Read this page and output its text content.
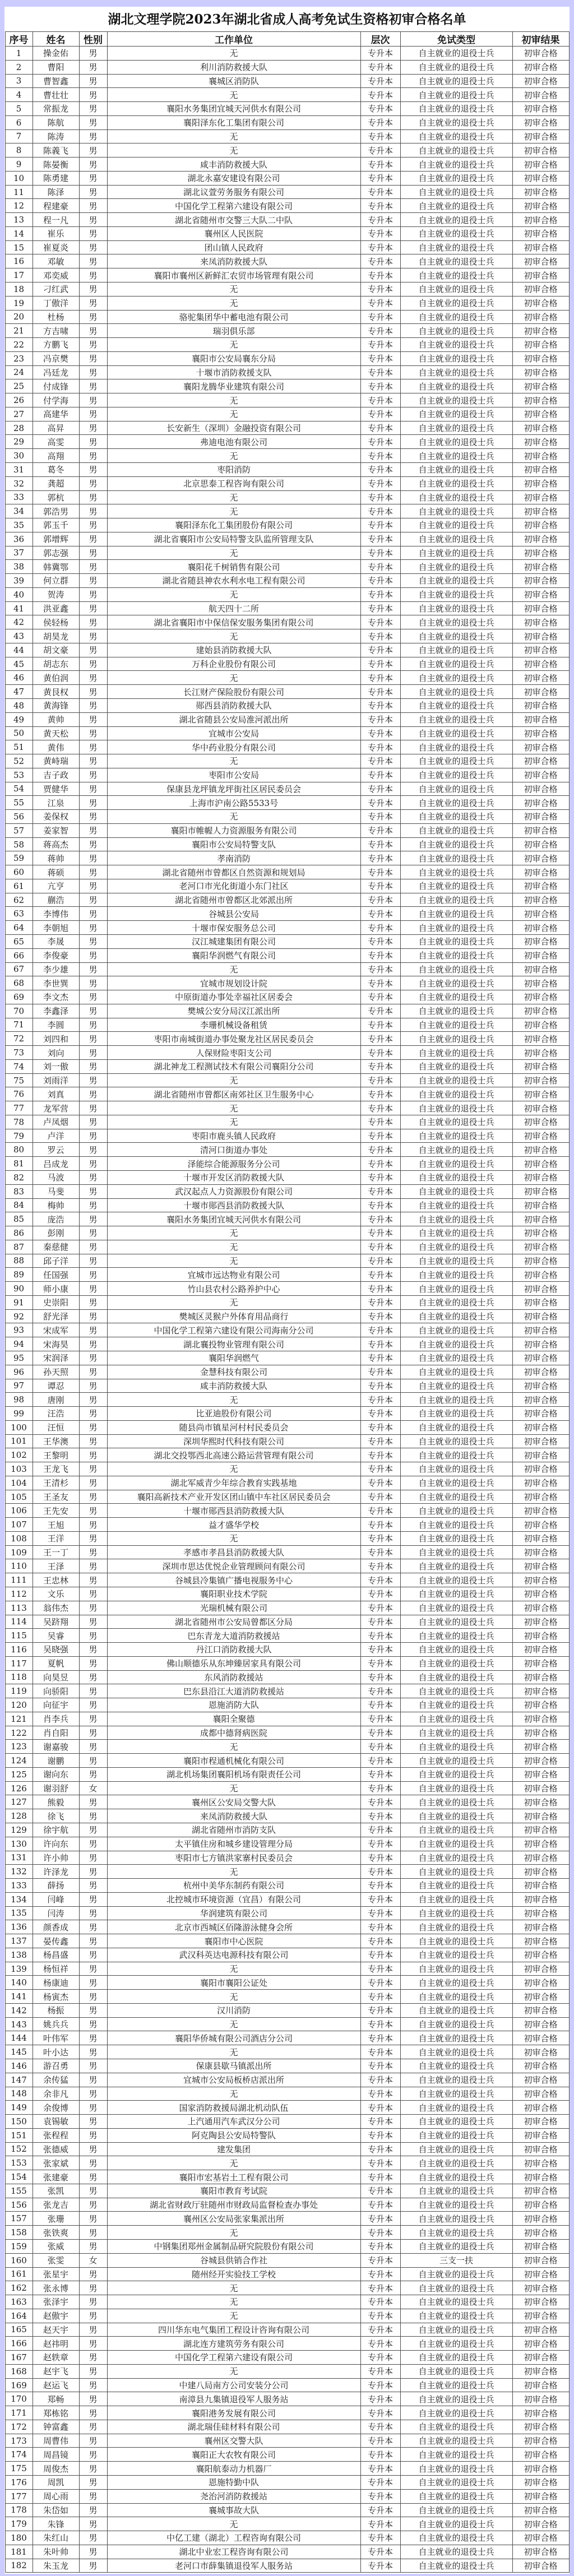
湖北文理学院2023年湖北省成人高考免试生资格初审合格名单
序号	姓名	性别	工作单位	层次	免试类型	初审结果
1	操金佑	男	无	专升本	自主就业的退役士兵	初审合格
2	曹阳	男	利川消防救援大队	专升本	自主就业的退役士兵	初审合格
3	曹智鑫	男	襄城区消防队	专升本	自主就业的退役士兵	初审合格
4	曹壮壮	男	无	专升本	自主就业的退役士兵	初审合格
5	常振龙	男	襄阳水务集团宜城天河供水有限公司	专升本	自主就业的退役士兵	初审合格
6	陈航	男	襄阳泽东化工集团有限公司	专升本	自主就业的退役士兵	初审合格
7	陈涛	男	无	专升本	自主就业的退役士兵	初审合格
8	陈義飞	男	无	专升本	自主就业的退役士兵	初审合格
9	陈晏衡	男	咸丰消防救援大队	专升本	自主就业的退役士兵	初审合格
10	陈勇建	男	湖北永嘉安建设有限公司	专升本	自主就业的退役士兵	初审合格
11	陈泽	男	湖北议萱劳务服务有限公司	专升本	自主就业的退役士兵	初审合格
12	程建豪	男	中国化学工程第六建设有限公司	专升本	自主就业的退役士兵	初审合格
13	程一凡	男	湖北省随州市交警三大队二中队	专升本	自主就业的退役士兵	初审合格
14	崔乐	男	襄州区人民医院	专升本	自主就业的退役士兵	初审合格
15	崔夏炎	男	团山镇人民政府	专升本	自主就业的退役士兵	初审合格
16	邓敏	男	来凤消防救援大队	专升本	自主就业的退役士兵	初审合格
17	邓奕威	男	襄阳市襄州区新鲜汇农贸市场管理有限公司	专升本	自主就业的退役士兵	初审合格
18	刁红武	男	无	专升本	自主就业的退役士兵	初审合格
19	丁傲洋	男	无	专升本	自主就业的退役士兵	初审合格
20	杜杨	男	骆驼集团华中蓄电池有限公司	专升本	自主就业的退役士兵	初审合格
21	方吉啸	男	瑞羽俱乐部	专升本	自主就业的退役士兵	初审合格
22	方鹏飞	男	无	专升本	自主就业的退役士兵	初审合格
23	冯京樊	男	襄阳市公安局襄东分局	专升本	自主就业的退役士兵	初审合格
24	冯廷龙	男	十堰市消防救援支队	专升本	自主就业的退役士兵	初审合格
25	付成锋	男	襄阳龙腾华业建筑有限公司	专升本	自主就业的退役士兵	初审合格
26	付学海	男	无	专升本	自主就业的退役士兵	初审合格
27	高建华	男	无	专升本	自主就业的退役士兵	初审合格
28	高昇	男	长安新生（深圳）金融投资有限公司	专升本	自主就业的退役士兵	初审合格
29	高雯	男	弗迪电池有限公司	专升本	自主就业的退役士兵	初审合格
30	高翔	男	无	专升本	自主就业的退役士兵	初审合格
31	葛冬	男	枣阳消防	专升本	自主就业的退役士兵	初审合格
32	龚超	男	北京思泰工程咨询有限公司	专升本	自主就业的退役士兵	初审合格
33	郭杭	男	无	专升本	自主就业的退役士兵	初审合格
34	郭浩男	男	无	专升本	自主就业的退役士兵	初审合格
35	郭玉千	男	襄阳泽东化工集团股份有限公司	专升本	自主就业的退役士兵	初审合格
36	郭增辉	男	湖北省襄阳市公安局特警支队监所管理支队	专升本	自主就业的退役士兵	初审合格
37	郭志强	男	无	专升本	自主就业的退役士兵	初审合格
38	韩冀鄂	男	襄阳花千树销售有限公司	专升本	自主就业的退役士兵	初审合格
39	何立群	男	湖北省随县神农水利水电工程有限公司	专升本	自主就业的退役士兵	初审合格
40	贺涛	男	无	专升本	自主就业的退役士兵	初审合格
41	洪亚鑫	男	航天四十二所	专升本	自主就业的退役士兵	初审合格
42	侯轻杨	男	湖北省襄阳市中保信保安服务集团有限公司	专升本	自主就业的退役士兵	初审合格
43	胡昊龙	男	无	专升本	自主就业的退役士兵	初审合格
44	胡文豪	男	建始县消防救援大队	专升本	自主就业的退役士兵	初审合格
45	胡志东	男	万科企业股份有限公司	专升本	自主就业的退役士兵	初审合格
46	黄伯润	男	无	专升本	自主就业的退役士兵	初审合格
47	黄艮权	男	长江财产保险股份有限公司	专升本	自主就业的退役士兵	初审合格
48	黄海锋	男	郧西县消防救援大队	专升本	自主就业的退役士兵	初审合格
49	黄帅	男	湖北省随县公安局淮河派出所	专升本	自主就业的退役士兵	初审合格
50	黄天松	男	宜城市公安局	专升本	自主就业的退役士兵	初审合格
51	黄伟	男	华中药业股分有限公司	专升本	自主就业的退役士兵	初审合格
52	黄峙瑞	男	无	专升本	自主就业的退役士兵	初审合格
53	吉子政	男	枣阳市公安局	专升本	自主就业的退役士兵	初审合格
54	贾健华	男	保康县龙坪镇龙坪街社区居民委员会	专升本	自主就业的退役士兵	初审合格
55	江泉	男	上海市沪南公路5533号	专升本	自主就业的退役士兵	初审合格
56	姜保权	男	无	专升本	自主就业的退役士兵	初审合格
57	姜家智	男	襄阳市帷幄人力资源服务有限公司	专升本	自主就业的退役士兵	初审合格
58	蒋高杰	男	襄阳市公安局特警支队	专升本	自主就业的退役士兵	初审合格
59	蒋帅	男	孝南消防	专升本	自主就业的退役士兵	初审合格
60	蒋硕	男	湖北省随州市曾都区自然资源和规划局	专升本	自主就业的退役士兵	初审合格
61	亢亨	男	老河口市光化街道小东门社区	专升本	自主就业的退役士兵	初审合格
62	蒯浩	男	湖北省随州市曾都区北郊派出所	专升本	自主就业的退役士兵	初审合格
63	李博伟	男	谷城县公安局	专升本	自主就业的退役士兵	初审合格
64	李朝旭	男	十堰市保安服务总公司	专升本	自主就业的退役士兵	初审合格
65	李晟	男	汉江城建集团有限公司	专升本	自主就业的退役士兵	初审合格
66	李俊豪	男	襄阳华润燃气有限公司	专升本	自主就业的退役士兵	初审合格
67	李少雄	男	无	专升本	自主就业的退役士兵	初审合格
68	李世巽	男	宜城市规划设计院	专升本	自主就业的退役士兵	初审合格
69	李文杰	男	中原街道办事处幸福社区居委会	专升本	自主就业的退役士兵	初审合格
70	李鑫泽	男	樊城公安分局汉江派出所	专升本	自主就业的退役士兵	初审合格
71	李圆	男	李珊机械设备租赁	专升本	自主就业的退役士兵	初审合格
72	刘四和	男	枣阳市南城街道办事处聚龙社区居民委员会	专升本	自主就业的退役士兵	初审合格
73	刘向	男	人保财险枣阳支公司	专升本	自主就业的退役士兵	初审合格
74	刘一傲	男	湖北神龙工程测试技术有限公司襄阳分公司	专升本	自主就业的退役士兵	初审合格
75	刘雨洋	男	无	专升本	自主就业的退役士兵	初审合格
76	刘真	男	湖北省随州市曾都区南郊社区卫生服务中心	专升本	自主就业的退役士兵	初审合格
77	龙军营	男	无	专升本	自主就业的退役士兵	初审合格
78	卢凤烟	男	无	专升本	自主就业的退役士兵	初审合格
79	卢洋	男	枣阳市鹿头镇人民政府	专升本	自主就业的退役士兵	初审合格
80	罗云	男	清河口街道办事处	专升本	自主就业的退役士兵	初审合格
81	吕成龙	男	泽能综合能源服务分公司	专升本	自主就业的退役士兵	初审合格
82	马波	男	十堰市开发区消防救援大队	专升本	自主就业的退役士兵	初审合格
83	马斐	男	武汉起点人力资源股份有限公司	专升本	自主就业的退役士兵	初审合格
84	梅帅	男	十堰市郧西县消防救援大队	专升本	自主就业的退役士兵	初审合格
85	庞浩	男	襄阳水务集团宜城天河供水有限公司	专升本	自主就业的退役士兵	初审合格
86	彭刚	男	无	专升本	自主就业的退役士兵	初审合格
87	秦慈健	男	无	专升本	自主就业的退役士兵	初审合格
88	邱子洋	男	无	专升本	自主就业的退役士兵	初审合格
89	任国强	男	宜城市远达物业有限公司	专升本	自主就业的退役士兵	初审合格
90	师小康	男	竹山县农村公路养护中心	专升本	自主就业的退役士兵	初审合格
91	史崇阳	男	无	专升本	自主就业的退役士兵	初审合格
92	舒光泽	男	樊城区灵猴户外体育用品商行	专升本	自主就业的退役士兵	初审合格
93	宋成军	男	中国化学工程第六建设有限公司海南分公司	专升本	自主就业的退役士兵	初审合格
94	宋海昊	男	湖北襄投物业管理有限公司	专升本	自主就业的退役士兵	初审合格
95	宋润泽	男	襄阳华润燃气	专升本	自主就业的退役士兵	初审合格
96	孙天照	男	金慧科技有限公司	专升本	自主就业的退役士兵	初审合格
97	谭忍	男	咸丰消防救援大队	专升本	自主就业的退役士兵	初审合格
98	唐刚	男	无	专升本	自主就业的退役士兵	初审合格
99	汪浩	男	比亚迪股份有限公司	专升本	自主就业的退役士兵	初审合格
100	汪恒	男	随县尚市镇星河村村民委员会	专升本	自主就业的退役士兵	初审合格
101	王华澳	男	深圳华熙时代科技有限公司	专升本	自主就业的退役士兵	初审合格
102	王黎明	男	湖北交投鄂西北高速公路运营管理有限公司	专升本	自主就业的退役士兵	初审合格
103	王龙飞	男	无	专升本	自主就业的退役士兵	初审合格
104	王清杉	男	湖北军威青少年综合教育实践基地	专升本	自主就业的退役士兵	初审合格
105	王圣友	男	襄阳高新技术产业开发区团山镇中车社区居民委员会	专升本	自主就业的退役士兵	初审合格
106	王先安	男	十堰市郧西县消防救援大队	专升本	自主就业的退役士兵	初审合格
107	王旭	男	益才盛华学校	专升本	自主就业的退役士兵	初审合格
108	王洋	男	无	专升本	自主就业的退役士兵	初审合格
109	王一丁	男	孝感市孝昌县消防救援大队	专升本	自主就业的退役士兵	初审合格
110	王泽	男	深圳市思达优悦企业管理顾问有限公司	专升本	自主就业的退役士兵	初审合格
111	王忠林	男	谷城县冷集镇广播电视服务中心	专升本	自主就业的退役士兵	初审合格
112	文乐	男	襄阳职业技术学院	专升本	自主就业的退役士兵	初审合格
113	翁伟杰	男	光瑞机械有限公司	专升本	自主就业的退役士兵	初审合格
114	吴跻翔	男	湖北省随州市公安局曾都区分局	专升本	自主就业的退役士兵	初审合格
115	吴睿	男	巴东青龙大道消防救援站	专升本	自主就业的退役士兵	初审合格
116	吴晓强	男	丹江口消防救援大队	专升本	自主就业的退役士兵	初审合格
117	夏帆	男	佛山顺德乐从东坤臻居家具有限公司	专升本	自主就业的退役士兵	初审合格
118	向昊昱	男	东风消防救援站	专升本	自主就业的退役士兵	初审合格
119	向骄阳	男	巴东县沿江大道消防救援站	专升本	自主就业的退役士兵	初审合格
120	向征宇	男	恩施消防大队	专升本	自主就业的退役士兵	初审合格
121	肖李兵	男	襄阳全聚德	专升本	自主就业的退役士兵	初审合格
122	肖自阳	男	成都中德肾病医院	专升本	自主就业的退役士兵	初审合格
123	谢嘉骏	男	无	专升本	自主就业的退役士兵	初审合格
124	谢鹏	男	襄阳市程通机械化有限公司	专升本	自主就业的退役士兵	初审合格
125	谢向东	男	湖北机场集团襄阳机场有限责任公司	专升本	自主就业的退役士兵	初审合格
126	谢羽舒	女	无	专升本	自主就业的退役士兵	初审合格
127	熊毅	男	襄州区公安局交警大队	专升本	自主就业的退役士兵	初审合格
128	徐飞	男	来凤消防救援大队	专升本	自主就业的退役士兵	初审合格
129	徐宇航	男	湖北省随州市消防支队	专升本	自主就业的退役士兵	初审合格
130	许向东	男	太平镇住房和城乡建设管理分局	专升本	自主就业的退役士兵	初审合格
131	许小帅	男	枣阳市七方镇洪家寨村民委员会	专升本	自主就业的退役士兵	初审合格
132	许泽龙	男	无	专升本	自主就业的退役士兵	初审合格
133	薛扬	男	杭州中美华东制药有限公司	专升本	自主就业的退役士兵	初审合格
134	闫峰	男	北控城市环境资源（宜昌）有限公司	专升本	自主就业的退役士兵	初审合格
135	闫涛	男	华润建筑有限公司	专升本	自主就业的退役士兵	初审合格
136	颜香成	男	北京市西城区佰隆游泳健身会所	专升本	自主就业的退役士兵	初审合格
137	晏传鑫	男	襄阳市中心医院	专升本	自主就业的退役士兵	初审合格
138	杨昌盛	男	武汉科英达电源科技有限公司	专升本	自主就业的退役士兵	初审合格
139	杨恒祥	男	无	专升本	自主就业的退役士兵	初审合格
140	杨康迪	男	襄阳市襄阳公证处	专升本	自主就业的退役士兵	初审合格
141	杨寅杰	男	无	专升本	自主就业的退役士兵	初审合格
142	杨振	男	汉川消防	专升本	自主就业的退役士兵	初审合格
143	姚兵兵	男	无	专升本	自主就业的退役士兵	初审合格
144	叶伟军	男	襄阳华侨城有限公司酒店分公司	专升本	自主就业的退役士兵	初审合格
145	叶小达	男	无	专升本	自主就业的退役士兵	初审合格
146	游召勇	男	保康县歇马镇派出所	专升本	自主就业的退役士兵	初审合格
147	余传猛	男	宜城市公安局板桥店派出所	专升本	自主就业的退役士兵	初审合格
148	余非凡	男	无	专升本	自主就业的退役士兵	初审合格
149	余俊博	男	国家消防救援局湖北机动队伍	专升本	自主就业的退役士兵	初审合格
150	袁锡敏	男	上汽通用汽车武汉分公司	专升本	自主就业的退役士兵	初审合格
151	张程程	男	阿克陶县公安局特警队	专升本	自主就业的退役士兵	初审合格
152	张德威	男	建发集团	专升本	自主就业的退役士兵	初审合格
153	张家斌	男	无	专升本	自主就业的退役士兵	初审合格
154	张建豪	男	襄阳市宏基岩土工程有限公司	专升本	自主就业的退役士兵	初审合格
155	张凯	男	襄阳市教育考试院	专升本	自主就业的退役士兵	初审合格
156	张龙吉	男	湖北省财政厅驻随州市财政局监督检查办事处	专升本	自主就业的退役士兵	初审合格
157	张珊	男	襄州区公安局张家集派出所	专升本	自主就业的退役士兵	初审合格
158	张铁爽	男	无	专升本	自主就业的退役士兵	初审合格
159	张威	男	中钢集团郑州金属制品研究院股份有限公司	专升本	自主就业的退役士兵	初审合格
160	张雯	女	谷城县供销合作社	专升本	三支一扶	初审合格
161	张星宇	男	随州经开实验技工学校	专升本	自主就业的退役士兵	初审合格
162	张永博	男	无	专升本	自主就业的退役士兵	初审合格
163	张泽宇	男	无	专升本	自主就业的退役士兵	初审合格
164	赵傲宇	男	无	专升本	自主就业的退役士兵	初审合格
165	赵天宇	男	四川华东电气集团工程设计咨询有限公司	专升本	自主就业的退役士兵	初审合格
166	赵祎明	男	湖北连方建筑劳务有限公司	专升本	自主就业的退役士兵	初审合格
167	赵轶章	男	中国化学工程第六建设有限公司	专升本	自主就业的退役士兵	初审合格
168	赵宇飞	男	无	专升本	自主就业的退役士兵	初审合格
169	赵运飞	男	中建八局南方公司安装分公司	专升本	自主就业的退役士兵	初审合格
170	郑畅	男	南漳县九集镇退役军人服务站	专升本	自主就业的退役士兵	初审合格
171	郑栋铭	男	襄阳港务发展有限公司	专升本	自主就业的退役士兵	初审合格
172	钟富鑫	男	湖北瑞佳硅材料有限公司	专升本	自主就业的退役士兵	初审合格
173	周曹伟	男	襄州区交警大队	专升本	自主就业的退役士兵	初审合格
174	周昌镜	男	襄阳正大农牧有限公司	专升本	自主就业的退役士兵	初审合格
175	周俊杰	男	襄阳航泰动力机器厂	专升本	自主就业的退役士兵	初审合格
176	周凯	男	恩施特勤中队	专升本	自主就业的退役士兵	初审合格
177	周心雨	男	尧治河消防救援站	专升本	自主就业的退役士兵	初审合格
178	朱岱如	男	襄城事故大队	专升本	自主就业的退役士兵	初审合格
179	朱锋	男	无	专升本	自主就业的退役士兵	初审合格
180	朱红山	男	中亿工建（湖北）工程咨询有限公司	专升本	自主就业的退役士兵	初审合格
181	朱叶帅	男	湖北中业宏工程咨询有限公司	专升本	自主就业的退役士兵	初审合格
182	朱玉龙	男	老河口市薛集镇退役军人服务站	专升本	自主就业的退役士兵	初审合格
